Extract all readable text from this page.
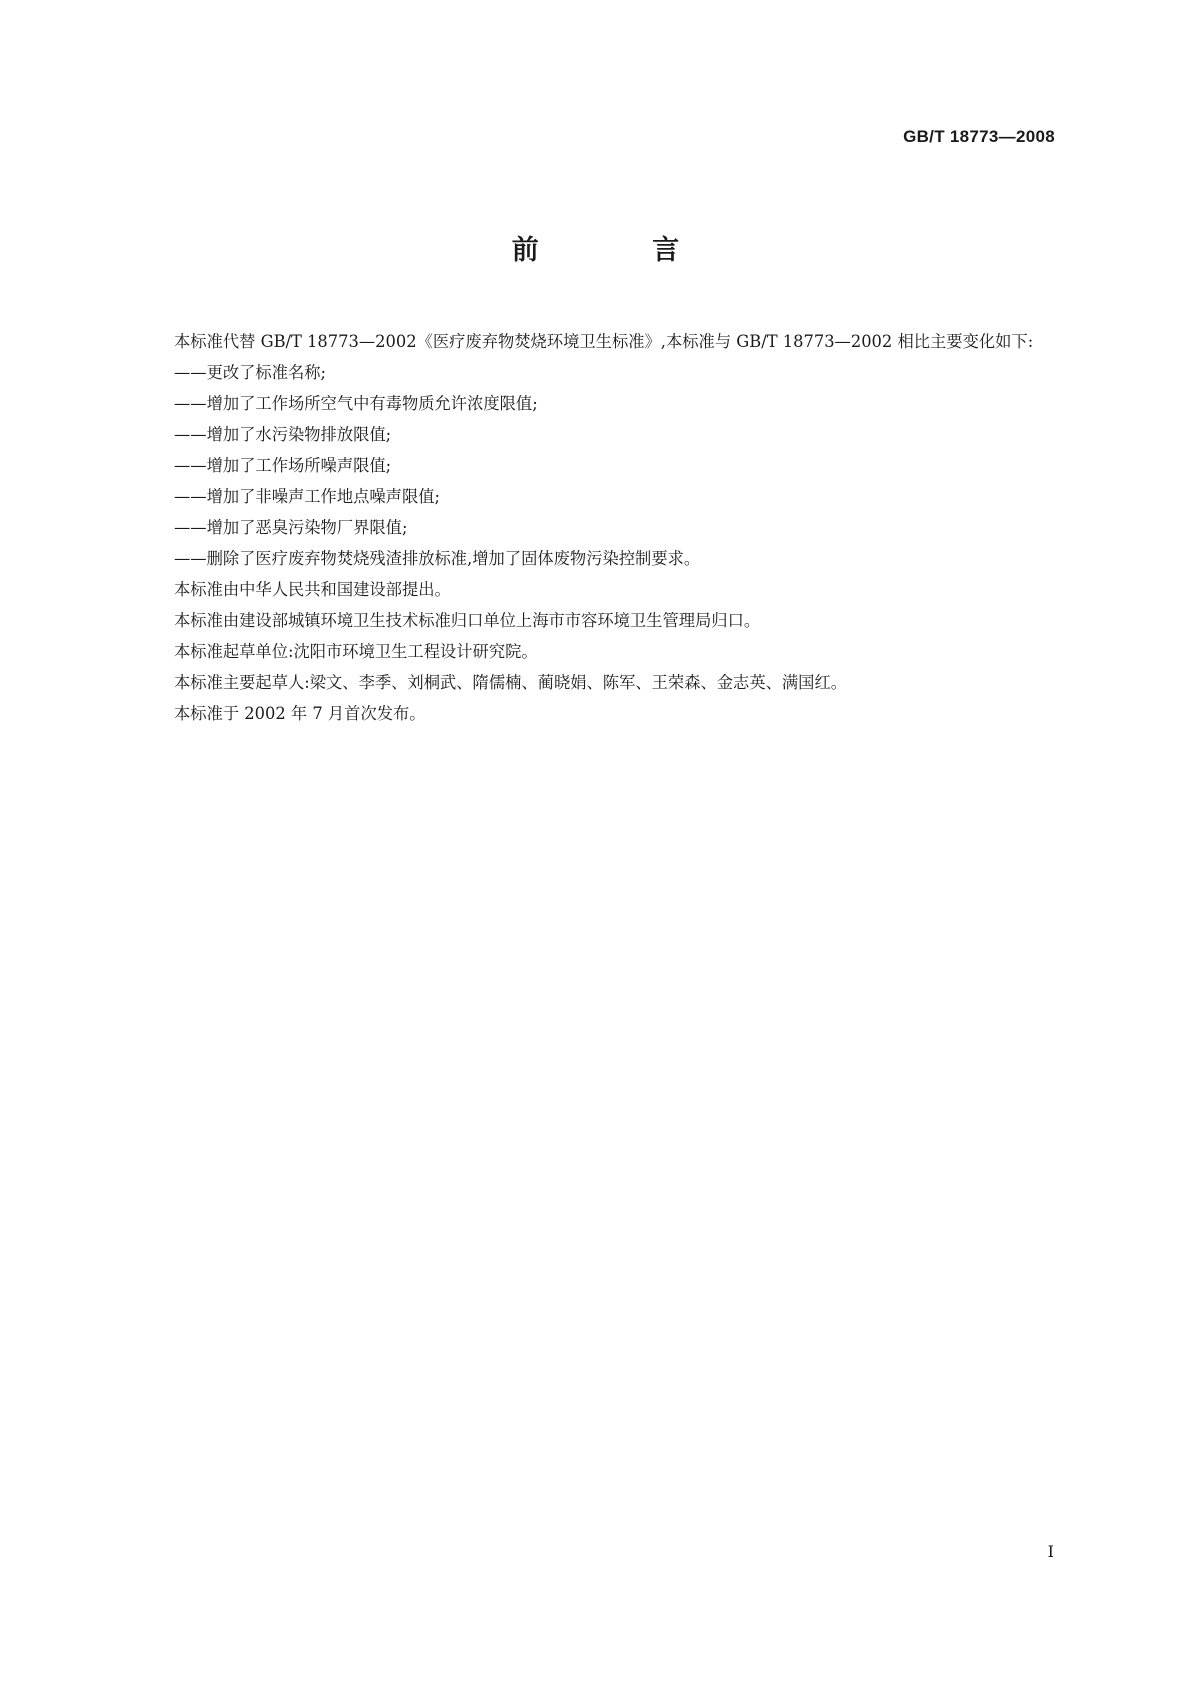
GB/T 18773—2008
前 言

本标准代替 GB/T 18773—2002《医疗废弃物焚烧环境卫生标准》,本标准与 GB/T 18773—2002 相比主要变化如下:

——更改了标准名称;

——增加了工作场所空气中有毒物质允许浓度限值;

——增加了水污染物排放限值;

——增加了工作场所噪声限值;

——增加了非噪声工作地点噪声限值;

——增加了恶臭污染物厂界限值;

——删除了医疗废弃物焚烧残渣排放标准,增加了固体废物污染控制要求。

本标准由中华人民共和国建设部提出。

本标准由建设部城镇环境卫生技术标准归口单位上海市市容环境卫生管理局归口。

本标准起草单位:沈阳市环境卫生工程设计研究院。

本标准主要起草人:梁文、李季、刘桐武、隋儒楠、蔺晓娟、陈军、王荣森、金志英、满国红。

本标准于 2002 年 7 月首次发布。

I
